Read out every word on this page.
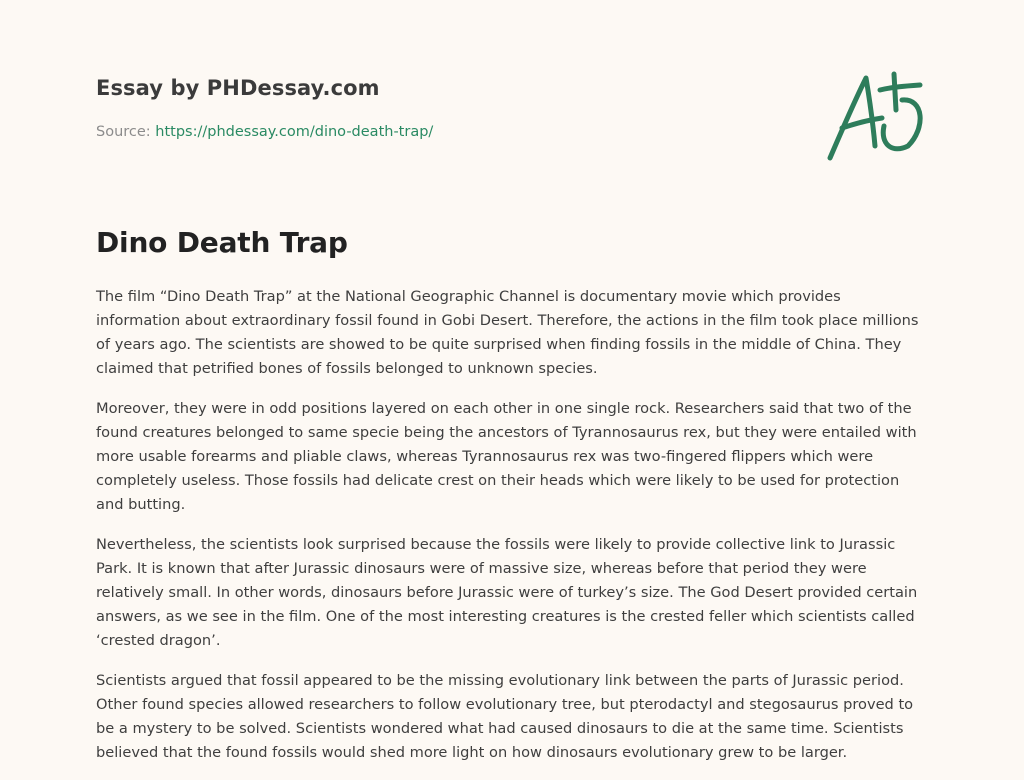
Essay by PHDessay.com

Source: https://phdessay.com/dino-death-trap/

Dino Death Trap

The film “Dino Death Trap” at the National Geographic Channel is documentary movie which provides information about extraordinary fossil found in Gobi Desert. Therefore, the actions in the film took place millions of years ago. The scientists are showed to be quite surprised when finding fossils in the middle of China. They claimed that petrified bones of fossils belonged to unknown species.

Moreover, they were in odd positions layered on each other in one single rock. Researchers said that two of the found creatures belonged to same specie being the ancestors of Tyrannosaurus rex, but they were entailed with more usable forearms and pliable claws, whereas Tyrannosaurus rex was two-fingered flippers which were completely useless. Those fossils had delicate crest on their heads which were likely to be used for protection and butting.

Nevertheless, the scientists look surprised because the fossils were likely to provide collective link to Jurassic Park. It is known that after Jurassic dinosaurs were of massive size, whereas before that period they were relatively small. In other words, dinosaurs before Jurassic were of turkey’s size. The God Desert provided certain answers, as we see in the film. One of the most interesting creatures is the crested feller which scientists called ‘crested dragon’.

Scientists argued that fossil appeared to be the missing evolutionary link between the parts of Jurassic period. Other found species allowed researchers to follow evolutionary tree, but pterodactyl and stegosaurus proved to be a mystery to be solved. Scientists wondered what had caused dinosaurs to die at the same time. Scientists believed that the found fossils would shed more light on how dinosaurs evolutionary grew to be larger.
